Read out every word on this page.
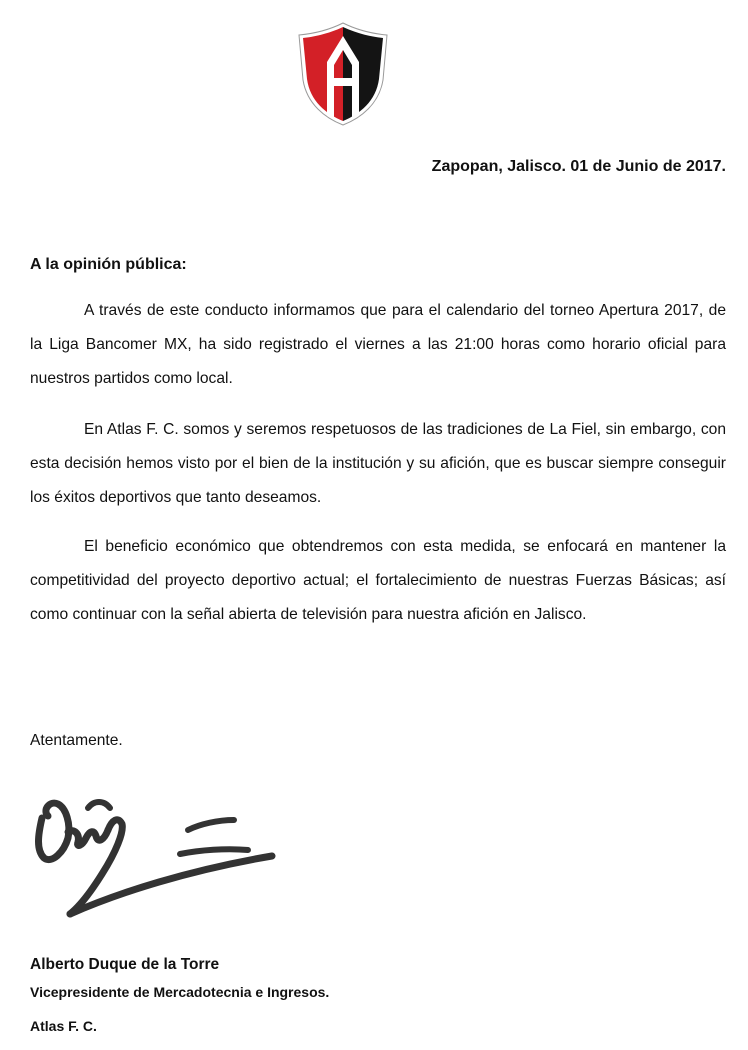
Zapopan, Jalisco. 01 de Junio de 2017.
A la opinión pública:

A través de este conducto informamos que para el calendario del torneo Apertura 2017, de la Liga Bancomer MX, ha sido registrado el viernes a las 21:00 horas como horario oficial para nuestros partidos como local.

En Atlas F. C. somos y seremos respetuosos de las tradiciones de La Fiel, sin embargo, con esta decisión hemos visto por el bien de la institución y su afición, que es buscar siempre conseguir los éxitos deportivos que tanto deseamos.

El beneficio económico que obtendremos con esta medida, se enfocará en mantener la competitividad del proyecto deportivo actual; el fortalecimiento de nuestras Fuerzas Básicas; así como continuar con la señal abierta de televisión para nuestra afición en Jalisco.

Atentamente.
Alberto Duque de la Torre
Vicepresidente de Mercadotecnia e Ingresos.
Atlas F. C.
